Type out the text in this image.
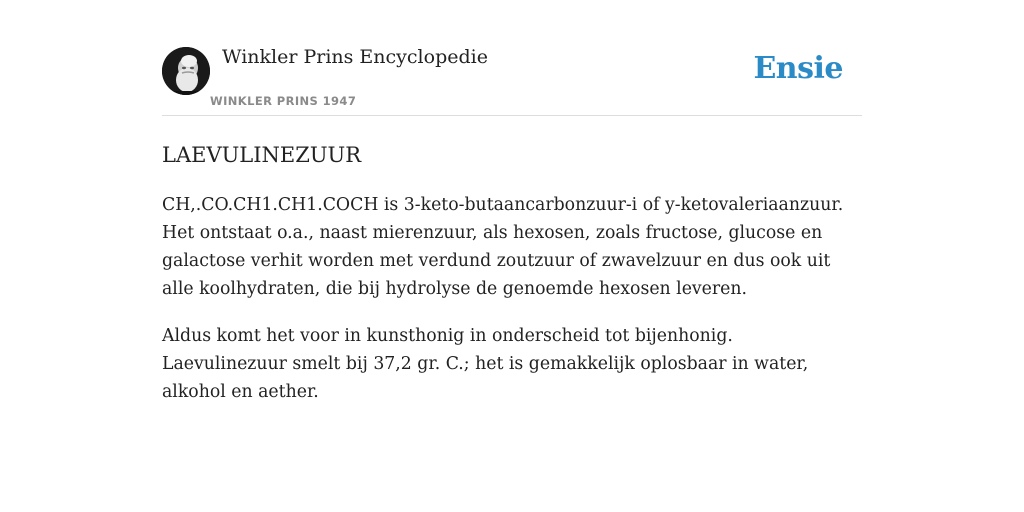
Winkler Prins Encyclopedie
WINKLER PRINS 1947
Ensie
LAEVULINEZUUR

CH,.CO.CH1.CH1.COCH is 3-keto-butaancarbonzuur-i of y-ketovaleriaanzuur. Het ontstaat o.a., naast mierenzuur, als hexosen, zoals fructose, glucose en galactose verhit worden met verdund zoutzuur of zwavelzuur en dus ook uit alle koolhydraten, die bij hydrolyse de genoemde hexosen leveren.

Aldus komt het voor in kunsthonig in onderscheid tot bijenhonig. Laevulinezuur smelt bij 37,2 gr. C.; het is gemakkelijk oplosbaar in water, alkohol en aether.
